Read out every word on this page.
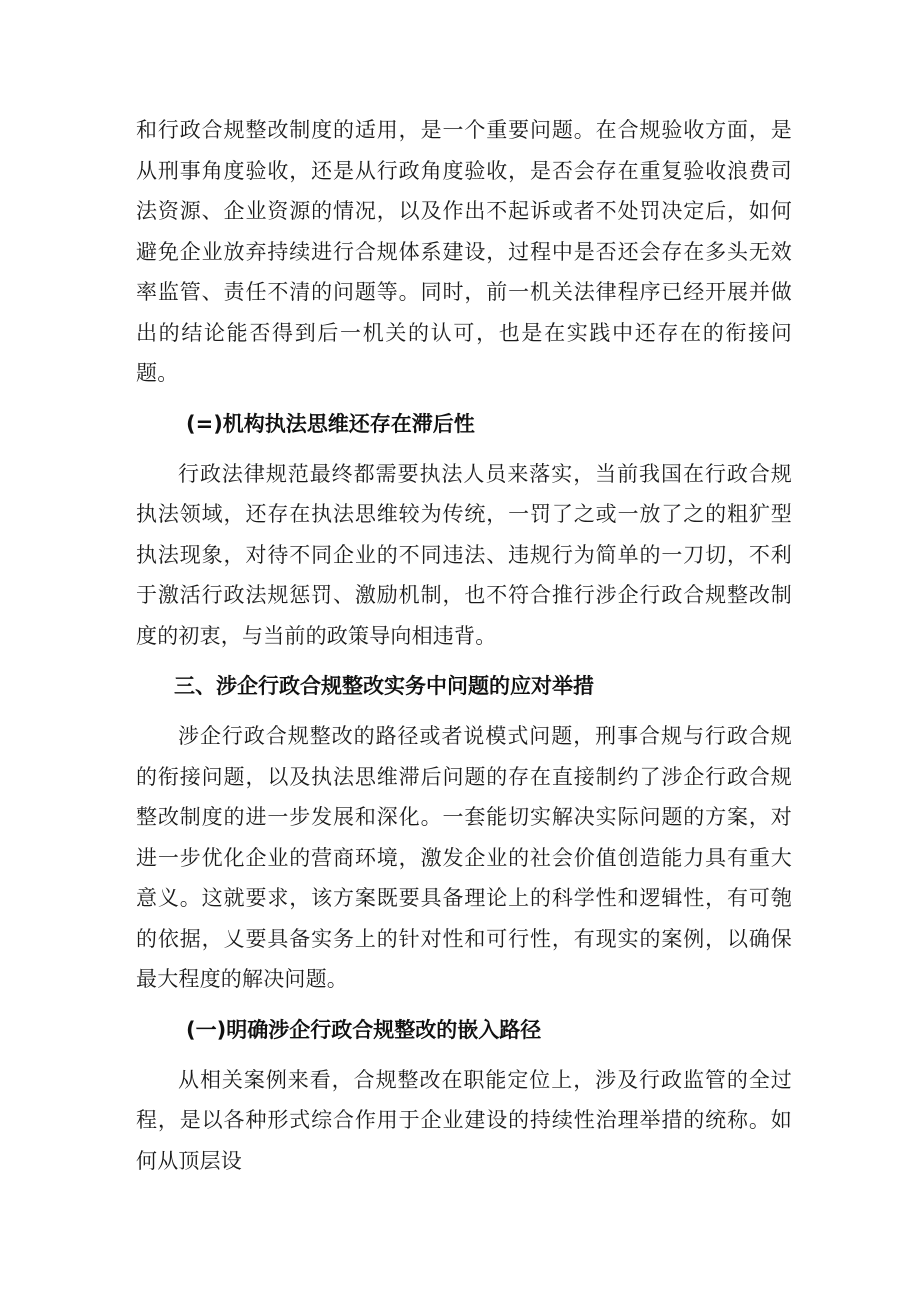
和行政合规整改制度的适用，是一个重要问题。在合规验收方面，是从刑事角度验收，还是从行政角度验收，是否会存在重复验收浪费司法资源、企业资源的情况，以及作出不起诉或者不处罚决定后，如何避免企业放弃持续进行合规体系建设，过程中是否还会存在多头无效率监管、责任不清的问题等。同时，前一机关法律程序已经开展并做出的结论能否得到后一机关的认可，也是在实践中还存在的衔接问题。

(=)机构执法思维还存在滞后性

行政法律规范最终都需要执法人员来落实，当前我国在行政合规执法领域，还存在执法思维较为传统，一罚了之或一放了之的粗犷型执法现象，对待不同企业的不同违法、违规行为简单的一刀切，不利于激活行政法规惩罚、激励机制，也不符合推行涉企行政合规整改制度的初衷，与当前的政策导向相违背。

三、涉企行政合规整改实务中问题的应对举措

涉企行政合规整改的路径或者说模式问题，刑事合规与行政合规的衔接问题，以及执法思维滞后问题的存在直接制约了涉企行政合规整改制度的进一步发展和深化。一套能切实解决实际问题的方案，对进一步优化企业的营商环境，激发企业的社会价值创造能力具有重大意义。这就要求，该方案既要具备理论上的科学性和逻辑性，有可匏的依据，乂要具备实务上的针对性和可行性，有现实的案例，以确保最大程度的解决问题。

(一)明确涉企行政合规整改的嵌入路径

从相关案例来看，合规整改在职能定位上，涉及行政监管的全过程，是以各种形式综合作用于企业建设的持续性治理举措的统称。如何从顶层设
